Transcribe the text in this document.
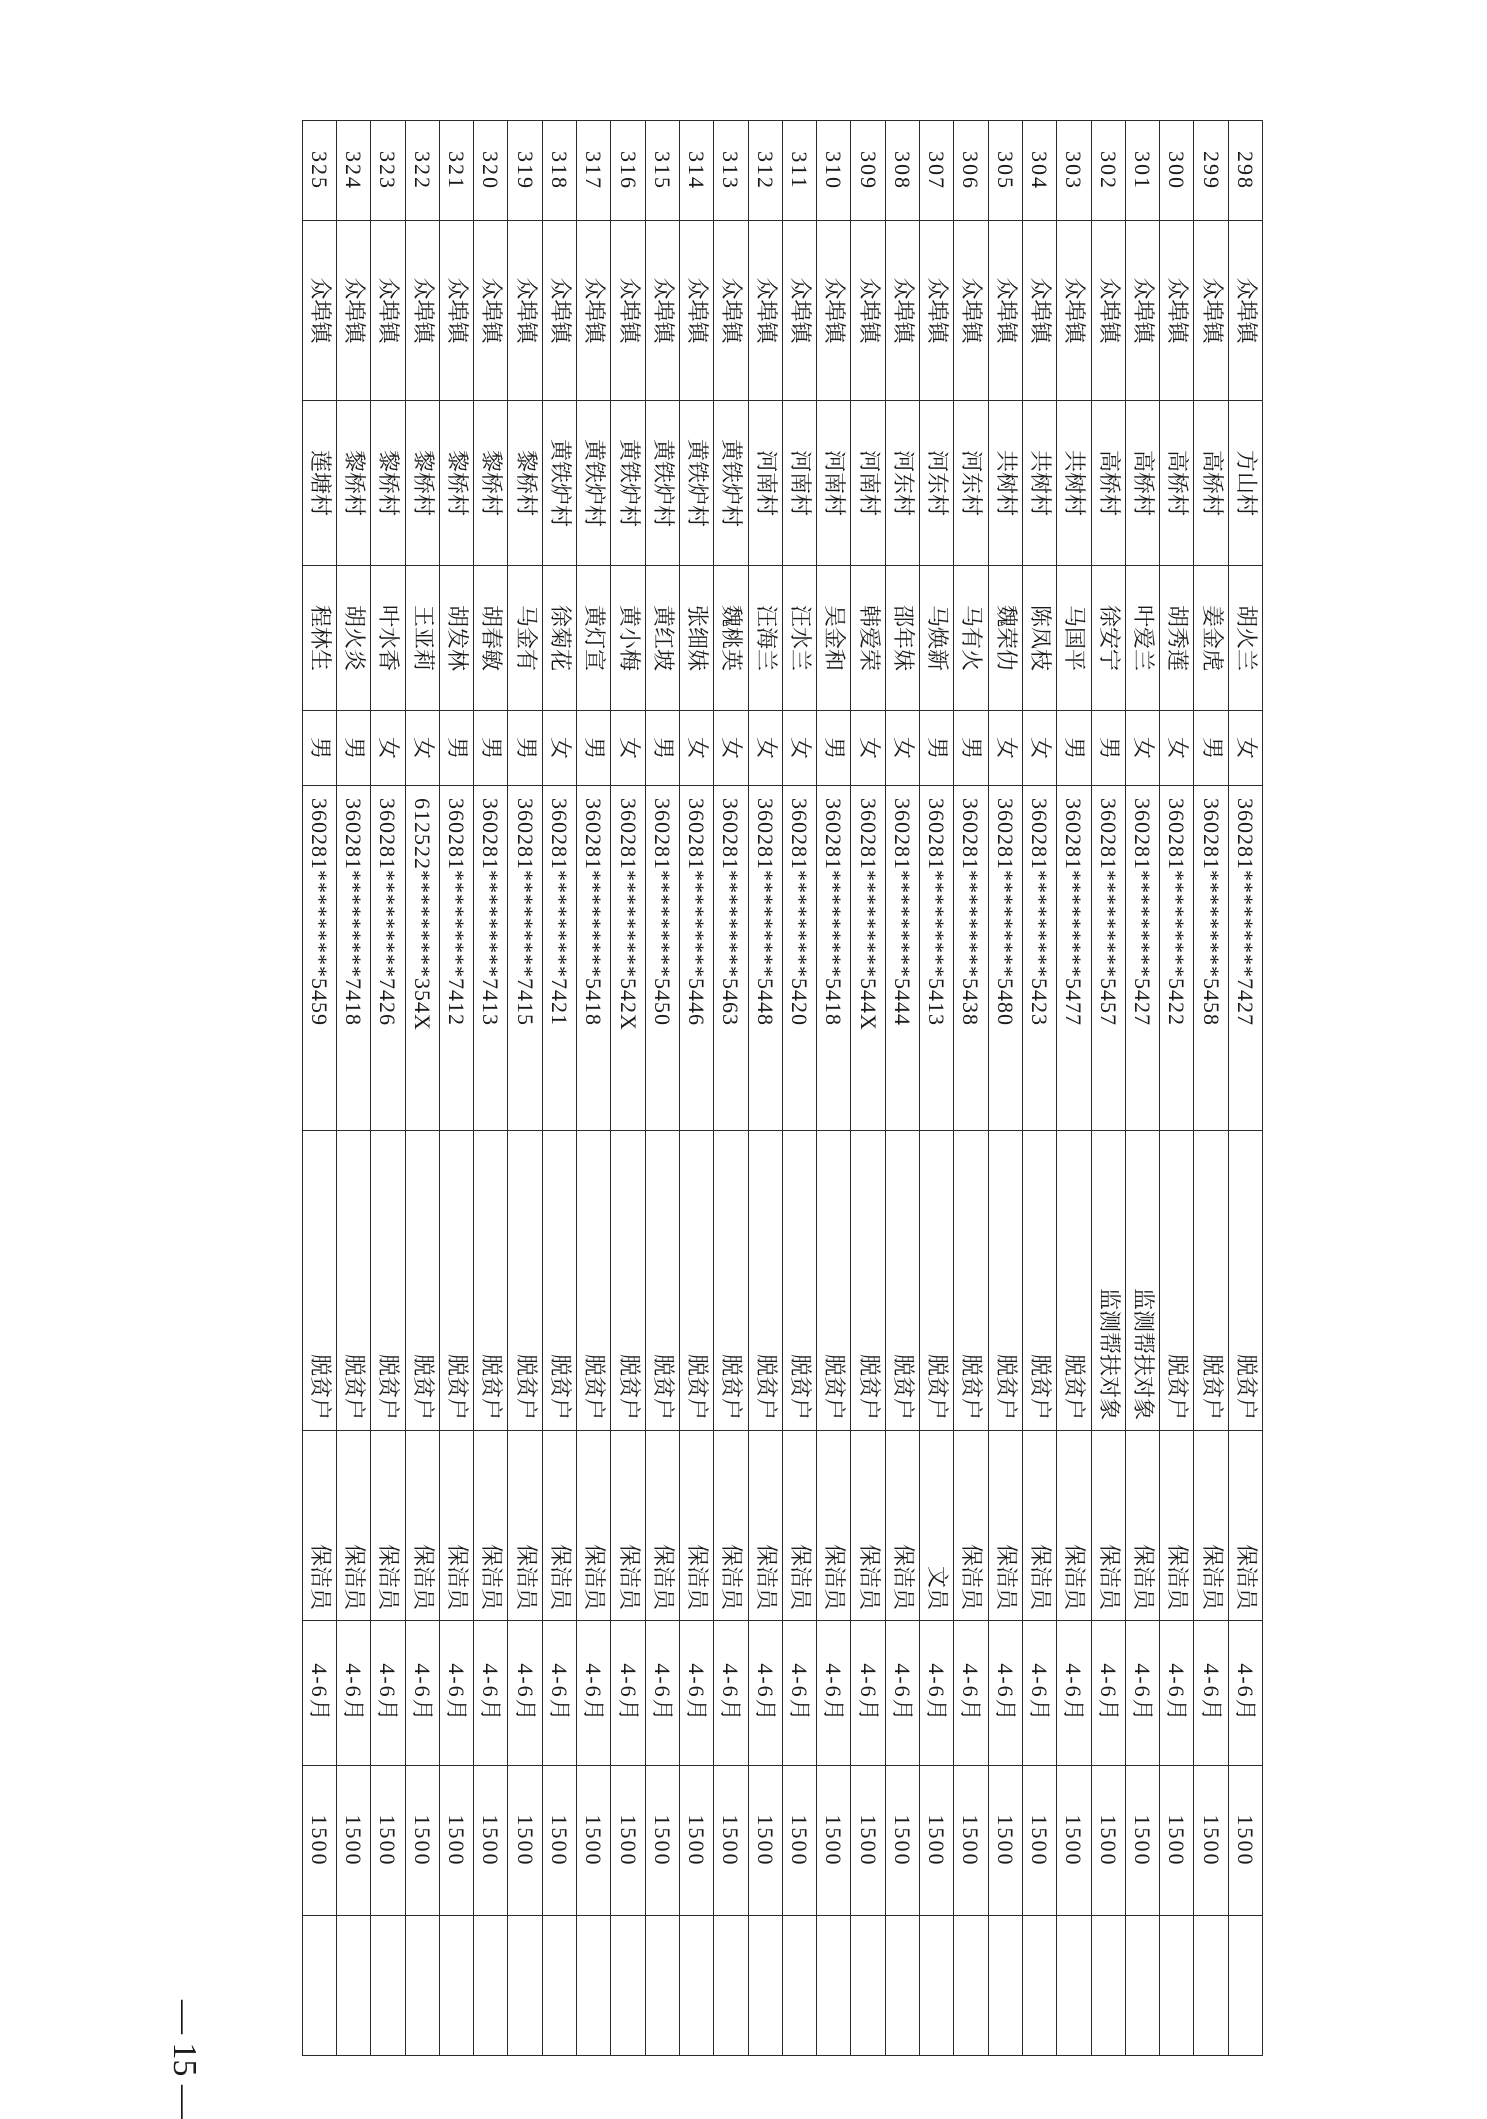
298	众埠镇	方山村	胡火兰	女	360281*********7427	脱贫户	保洁员	4-6月	1500	
299	众埠镇	高桥村	姜金虎	男	360281*********5458	脱贫户	保洁员	4-6月	1500	
300	众埠镇	高桥村	胡秀莲	女	360281*********5422	脱贫户	保洁员	4-6月	1500	
301	众埠镇	高桥村	叶爱兰	女	360281*********5427	监测帮扶对象	保洁员	4-6月	1500	
302	众埠镇	高桥村	徐安宁	男	360281*********5457	监测帮扶对象	保洁员	4-6月	1500	
303	众埠镇	共树村	马国平	男	360281*********5477	脱贫户	保洁员	4-6月	1500	
304	众埠镇	共树村	陈凤枝	女	360281*********5423	脱贫户	保洁员	4-6月	1500	
305	众埠镇	共树村	魏荣仂	女	360281*********5480	脱贫户	保洁员	4-6月	1500	
306	众埠镇	河东村	马有火	男	360281*********5438	脱贫户	保洁员	4-6月	1500	
307	众埠镇	河东村	马焕新	男	360281*********5413	脱贫户	文员	4-6月	1500	
308	众埠镇	河东村	邵年妹	女	360281*********5444	脱贫户	保洁员	4-6月	1500	
309	众埠镇	河南村	韩爱荣	女	360281*********544X	脱贫户	保洁员	4-6月	1500	
310	众埠镇	河南村	吴金和	男	360281*********5418	脱贫户	保洁员	4-6月	1500	
311	众埠镇	河南村	汪水兰	女	360281*********5420	脱贫户	保洁员	4-6月	1500	
312	众埠镇	河南村	汪海兰	女	360281*********5448	脱贫户	保洁员	4-6月	1500	
313	众埠镇	黄铁炉村	魏桃英	女	360281*********5463	脱贫户	保洁员	4-6月	1500	
314	众埠镇	黄铁炉村	张细妹	女	360281*********5446	脱贫户	保洁员	4-6月	1500	
315	众埠镇	黄铁炉村	黄红坡	男	360281*********5450	脱贫户	保洁员	4-6月	1500	
316	众埠镇	黄铁炉村	黄小梅	女	360281*********542X	脱贫户	保洁员	4-6月	1500	
317	众埠镇	黄铁炉村	黄灯宣	男	360281*********5418	脱贫户	保洁员	4-6月	1500	
318	众埠镇	黄铁炉村	徐菊花	女	360281*********7421	脱贫户	保洁员	4-6月	1500	
319	众埠镇	黎桥村	马金有	男	360281*********7415	脱贫户	保洁员	4-6月	1500	
320	众埠镇	黎桥村	胡春敏	男	360281*********7413	脱贫户	保洁员	4-6月	1500	
321	众埠镇	黎桥村	胡发林	男	360281*********7412	脱贫户	保洁员	4-6月	1500	
322	众埠镇	黎桥村	王亚莉	女	612522*********354X	脱贫户	保洁员	4-6月	1500	
323	众埠镇	黎桥村	叶水香	女	360281*********7426	脱贫户	保洁员	4-6月	1500	
324	众埠镇	黎桥村	胡火炎	男	360281*********7418	脱贫户	保洁员	4-6月	1500	
325	众埠镇	莲塘村	程林生	男	360281*********5459	脱贫户	保洁员	4-6月	1500	
— 15 —
